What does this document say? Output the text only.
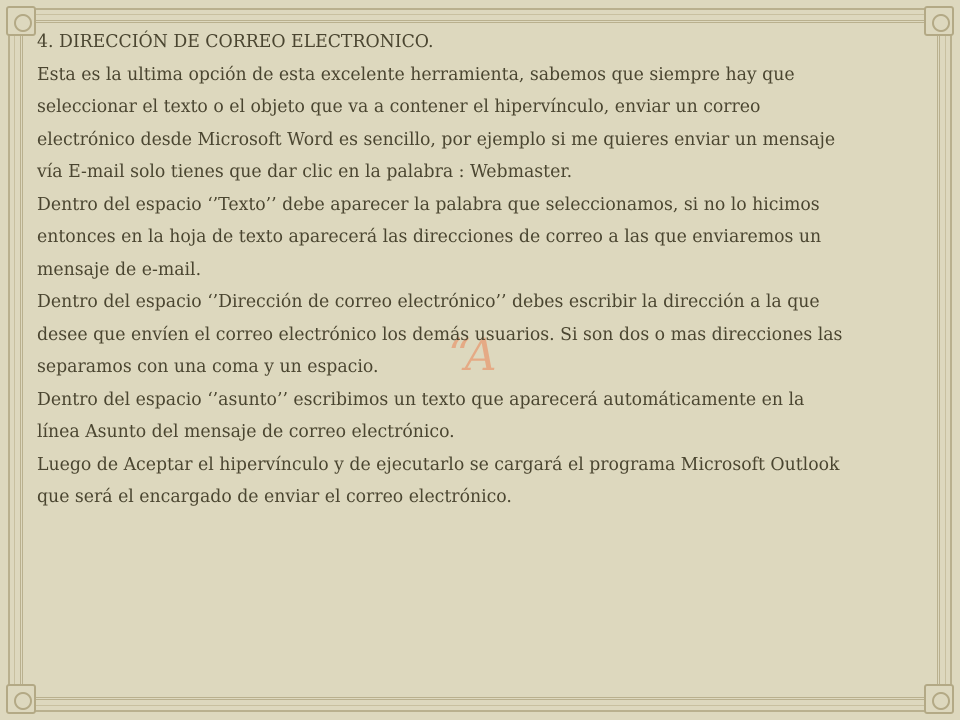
“A
4. DIRECCIÓN DE CORREO ELECTRONICO.
Esta es la ultima opción de esta excelente herramienta, sabemos que siempre hay que
seleccionar el texto o el objeto que va a contener el hipervínculo, enviar un correo
electrónico desde Microsoft Word es sencillo, por ejemplo si me quieres enviar un mensaje
vía E-mail solo tienes que dar clic en la palabra : Webmaster.
Dentro del espacio ‘’Texto’’ debe aparecer la palabra que seleccionamos, si no lo hicimos
entonces en la hoja de texto aparecerá las direcciones de correo a las que enviaremos un
mensaje de e-mail.
Dentro del espacio ‘’Dirección de correo electrónico’’ debes escribir la dirección a la que
desee que envíen el correo electrónico los demás usuarios. Si son dos o mas direcciones las
separamos con una coma y un espacio.
Dentro del espacio ‘’asunto’’ escribimos un texto que aparecerá automáticamente en la
línea Asunto del mensaje de correo electrónico.
Luego de Aceptar el hipervínculo y de ejecutarlo se cargará el programa Microsoft Outlook
que será el encargado de enviar el correo electrónico.
